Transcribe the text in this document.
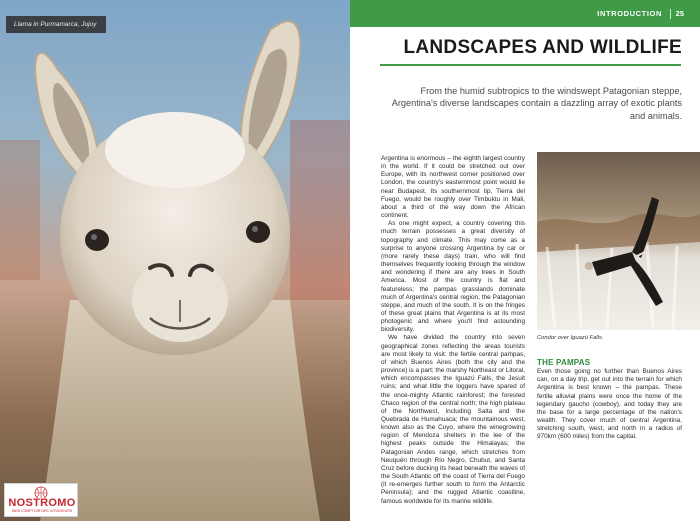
Llama in Purmamarca, Jujuy
NOSTROMO
WEB COMPTOIR DES VOYAGEURS
INTRODUCTION 25
LANDSCAPES AND WILDLIFE
From the humid subtropics to the windswept Patagonian steppe, Argentina's diverse landscapes contain a dazzling array of exotic plants and animals.

Argentina is enormous – the eighth largest country in the world. If it could be stretched out over Europe, with its northwest corner positioned over London, the country's easternmost point would lie near Budapest. Its southernmost tip, Tierra del Fuego, would be roughly over Timbuktu in Mali, about a third of the way down the African continent.

As one might expect, a country covering this much terrain possesses a great diversity of topography and climate. This may come as a surprise to anyone crossing Argentina by car or (more rarely these days) train, who will find themselves frequently looking through the window and wondering if there are any trees in South America. Most of the country is flat and featureless; the pampas grasslands dominate much of Argentina's central region, the Patagonian steppe, and much of the south. It is on the fringes of these great plains that Argentina is at its most photogenic and where you'll find astounding biodiversity.

We have divided the country into seven geographical zones reflecting the areas tourists are most likely to visit: the fertile central pampas, of which Buenos Aires (both the city and the province) is a part; the marshy Northeast or Litoral, which encompasses the Iguazú Falls, the Jesuit ruins; and what little the loggers have spared of the once-mighty Atlantic rainforest; the forested Chaco region of the central north; the high plateau of the Northwest, including Salta and the Quebrada de Humahuaca; the mountainous west, known also as the Cuyo, where the winegrowing region of Mendoza shelters in the lee of the highest peaks outside the Himalayas; the Patagonian Andes range, which stretches from Neuquén through Río Negro, Chubut, and Santa Cruz before ducking its head beneath the waves of the South Atlantic off the coast of Tierra del Fuego (it re-emerges further south to form the Antarctic Peninsula); and the rugged Atlantic coastline, famous worldwide for its marine wildlife.

Condor over Iguazú Falls.
THE PAMPAS

Even those going no further than Buenos Aires can, on a day trip, get out into the terrain for which Argentina is best known – the pampas. These fertile alluvial plains were once the home of the legendary gaucho (cowboy), and today they are the base for a large percentage of the nation's wealth. They cover much of central Argentina, stretching south, west, and north in a radius of 970km (600 miles) from the capital.
